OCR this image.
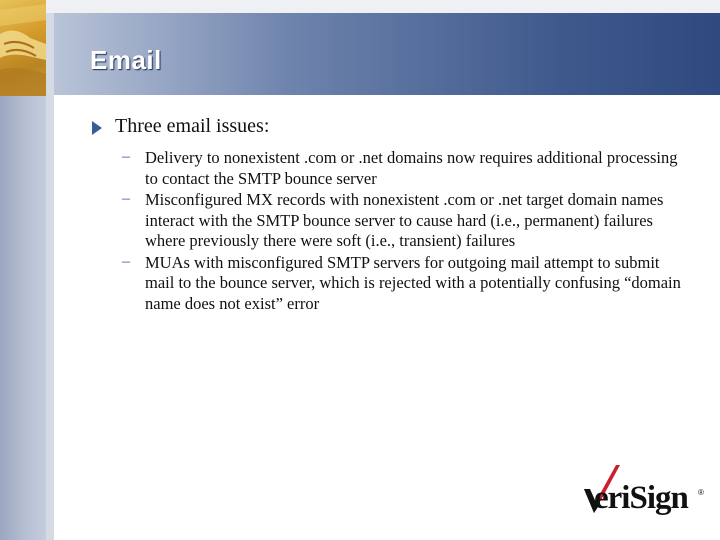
Email
Three email issues:
– Delivery to nonexistent .com or .net domains now requires additional processing to contact the SMTP bounce server
– Misconfigured MX records with nonexistent .com or .net target domain names interact with the SMTP bounce server to cause hard (i.e., permanent) failures where previously there were soft (i.e., transient) failures
– MUAs with misconfigured SMTP servers for outgoing mail attempt to submit mail to the bounce server, which is rejected with a potentially confusing “domain name does not exist” error
eriSign ®
